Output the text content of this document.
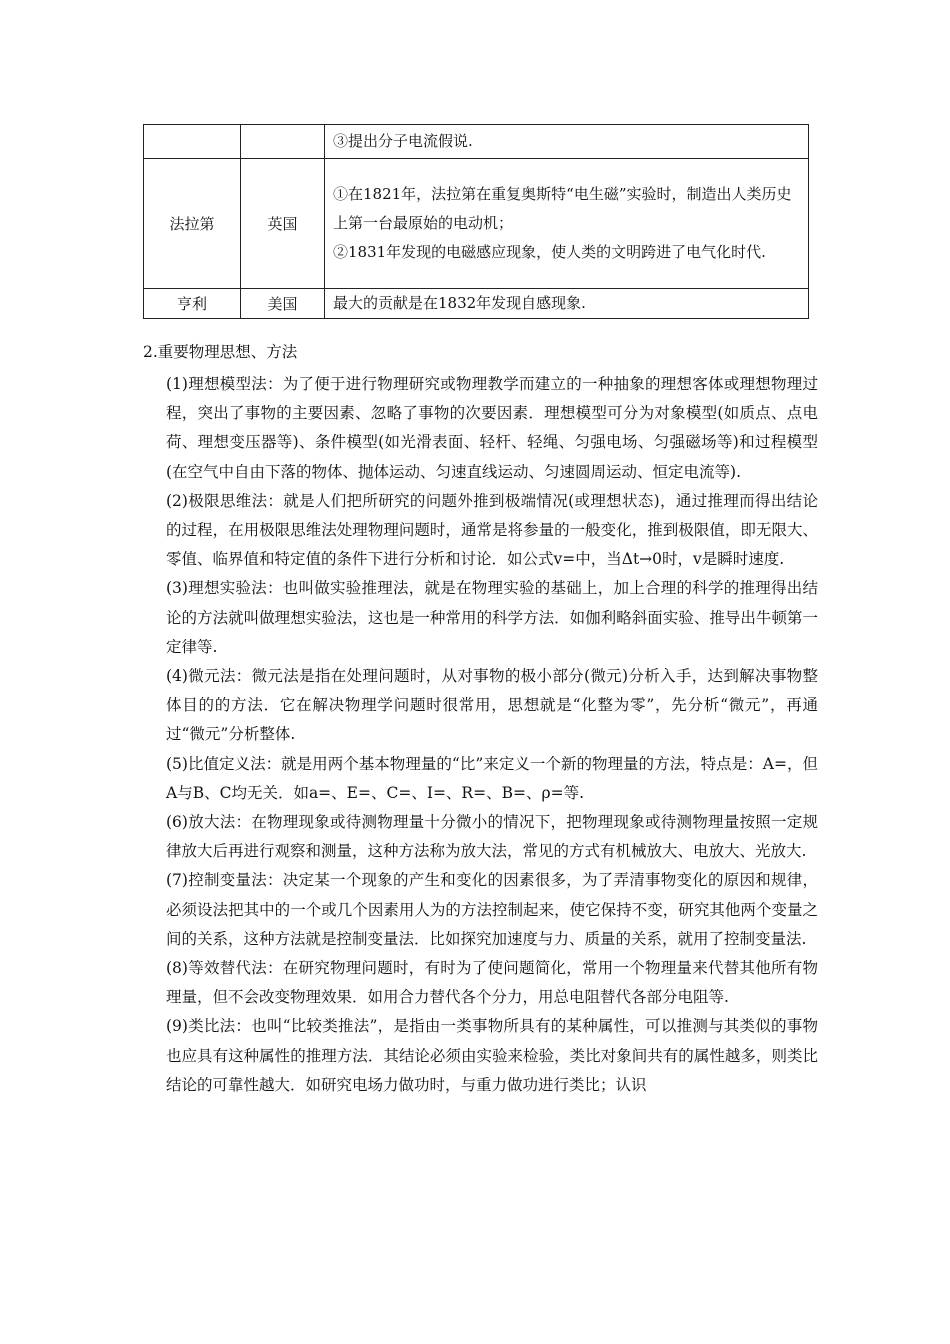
		③提出分子电流假说.

法拉第	英国	①在1821年，法拉第在重复奥斯特“电生磁”实验时，制造出人类历史上第一台最原始的电动机；

②1831年发现的电磁感应现象，使人类的文明跨进了电气化时代.

亨利	美国	最大的贡献是在1832年发现自感现象.

2.重要物理思想、方法

(1)理想模型法：为了便于进行物理研究或物理教学而建立的一种抽象的理想客体或理想物理过程，突出了事物的主要因素、忽略了事物的次要因素．理想模型可分为对象模型(如质点、点电荷、理想变压器等)、条件模型(如光滑表面、轻杆、轻绳、匀强电场、匀强磁场等)和过程模型(在空气中自由下落的物体、抛体运动、匀速直线运动、匀速圆周运动、恒定电流等).

(2)极限思维法：就是人们把所研究的问题外推到极端情况(或理想状态)，通过推理而得出结论的过程，在用极限思维法处理物理问题时，通常是将参量的一般变化，推到极限值，即无限大、零值、临界值和特定值的条件下进行分析和讨论．如公式v=中，当Δt→0时，v是瞬时速度.

(3)理想实验法：也叫做实验推理法，就是在物理实验的基础上，加上合理的科学的推理得出结论的方法就叫做理想实验法，这也是一种常用的科学方法．如伽利略斜面实验、推导出牛顿第一定律等.

(4)微元法：微元法是指在处理问题时，从对事物的极小部分(微元)分析入手，达到解决事物整体目的的方法．它在解决物理学问题时很常用，思想就是“化整为零”，先分析“微元”，再通过“微元”分析整体.

(5)比值定义法：就是用两个基本物理量的“比”来定义一个新的物理量的方法，特点是：A=，但A与B、C均无关．如a=、E=、C=、I=、R=、B=、ρ=等.

(6)放大法：在物理现象或待测物理量十分微小的情况下，把物理现象或待测物理量按照一定规律放大后再进行观察和测量，这种方法称为放大法，常见的方式有机械放大、电放大、光放大.

(7)控制变量法：决定某一个现象的产生和变化的因素很多，为了弄清事物变化的原因和规律，必须设法把其中的一个或几个因素用人为的方法控制起来，使它保持不变，研究其他两个变量之间的关系，这种方法就是控制变量法．比如探究加速度与力、质量的关系，就用了控制变量法.

(8)等效替代法：在研究物理问题时，有时为了使问题简化，常用一个物理量来代替其他所有物理量，但不会改变物理效果．如用合力替代各个分力，用总电阻替代各部分电阻等.

(9)类比法：也叫“比较类推法”，是指由一类事物所具有的某种属性，可以推测与其类似的事物也应具有这种属性的推理方法．其结论必须由实验来检验，类比对象间共有的属性越多，则类比结论的可靠性越大．如研究电场力做功时，与重力做功进行类比；认识
